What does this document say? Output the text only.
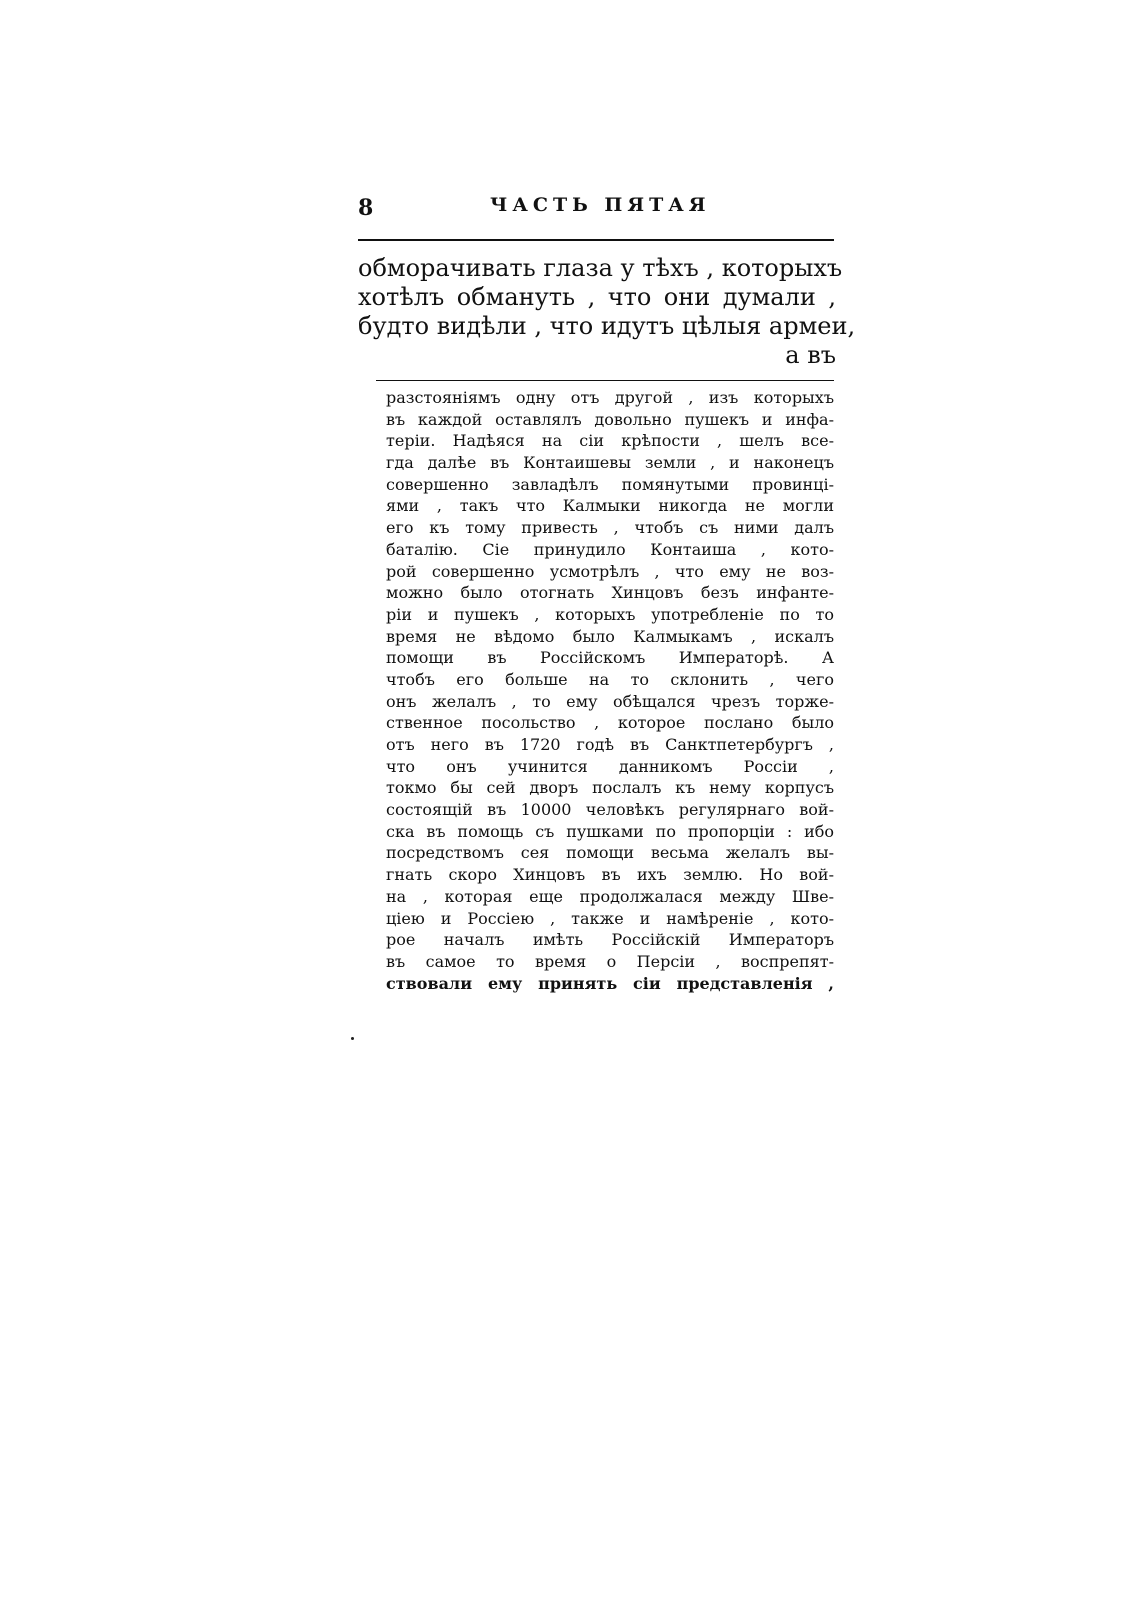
8	ЧАСТЬ ПЯТАЯ
обморачивать глаза у тѣхъ , которыхъ
хотѣлъ обмануть , что они думали ,
будто видѣли , что идутъ цѣлыя армеи,
а въ
разстояніямъ одну отъ другой , изъ которыхъ
въ каждой оставлялъ довольно пушекъ и инфа-
теріи. Надѣяся на сіи крѣпости , шелъ все-
гда далѣе въ Контаишевы земли , и наконецъ
совершенно завладѣлъ помянутыми провинці-
ями , такъ что Калмыки никогда не могли
его къ тому привесть , чтобъ съ ними далъ
баталію. Сіе принудило Контаиша , кото-
рой совершенно усмотрѣлъ , что ему не воз-
можно было отогнать Хинцовъ безъ инфанте-
ріи и пушекъ , которыхъ употребленіе по то
время не вѣдомо было Калмыкамъ , искалъ
помощи въ Россійскомъ Императорѣ. А
чтобъ его больше на то склонить , чего
онъ желалъ , то ему обѣщался чрезъ торже-
ственное посольство , которое послано было
отъ него въ 1720 годѣ въ Санктпетербургъ ,
что онъ учинится данникомъ Россіи ,
токмо бы сей дворъ послалъ къ нему корпусъ
состоящій въ 10000 человѣкъ регулярнаго вой-
ска въ помощь съ пушками по пропорціи : ибо
посредствомъ сея помощи весьма желалъ вы-
гнать скоро Хинцовъ въ ихъ землю. Но вой-
на , которая еще продолжалася между Шве-
ціею и Россіею , также и намѣреніе , кото-
рое началъ имѣть Россійскій Императоръ
въ самое то время о Персіи , воспрепят-
ствовали ему принять сіи представленія ,
